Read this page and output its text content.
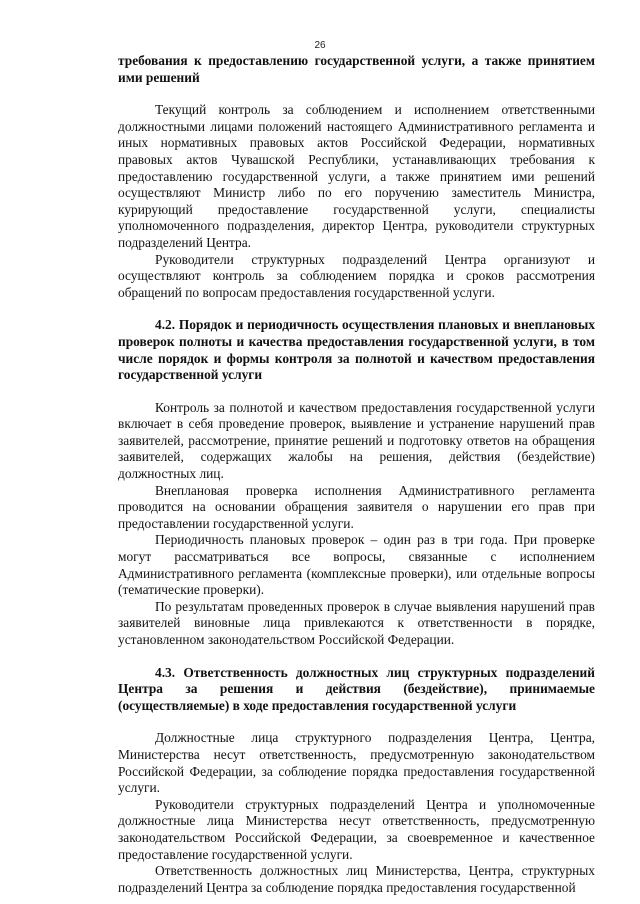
26
требования к предоставлению государственной услуги, а также принятием ими решений

Текущий контроль за соблюдением и исполнением ответственными должностными лицами положений настоящего Административного регламента и иных нормативных правовых актов Российской Федерации, нормативных правовых актов Чувашской Республики, устанавливающих требования к предоставлению государственной услуги, а также принятием ими решений осуществляют Министр либо по его поручению заместитель Министра, курирующий предоставление государственной услуги, специалисты уполномоченного подразделения, директор Центра, руководители структурных подразделений Центра.

Руководители структурных подразделений Центра организуют и осуществляют контроль за соблюдением порядка и сроков рассмотрения обращений по вопросам предоставления государственной услуги.

4.2. Порядок и периодичность осуществления плановых и внеплановых проверок полноты и качества предоставления государственной услуги, в том числе порядок и формы контроля за полнотой и качеством предоставления государственной услуги

Контроль за полнотой и качеством предоставления государственной услуги включает в себя проведение проверок, выявление и устранение нарушений прав заявителей, рассмотрение, принятие решений и подготовку ответов на обращения заявителей, содержащих жалобы на решения, действия (бездействие) должностных лиц.

Внеплановая проверка исполнения Административного регламента проводится на основании обращения заявителя о нарушении его прав при предоставлении государственной услуги.

Периодичность плановых проверок – один раз в три года. При проверке могут рассматриваться все вопросы, связанные с исполнением Административного регламента (комплексные проверки), или отдельные вопросы (тематические проверки).

По результатам проведенных проверок в случае выявления нарушений прав заявителей виновные лица привлекаются к ответственности в порядке, установленном законодательством Российской Федерации.

4.3. Ответственность должностных лиц структурных подразделений Центра за решения и действия (бездействие), принимаемые (осуществляемые) в ходе предоставления государственной услуги

Должностные лица структурного подразделения Центра, Центра, Министерства несут ответственность, предусмотренную законодательством Российской Федерации, за соблюдение порядка предоставления государственной услуги.

Руководители структурных подразделений Центра и уполномоченные должностные лица Министерства несут ответственность, предусмотренную законодательством Российской Федерации, за своевременное и качественное предоставление государственной услуги.

Ответственность должностных лиц Министерства, Центра, структурных подразделений Центра за соблюдение порядка предоставления государственной
